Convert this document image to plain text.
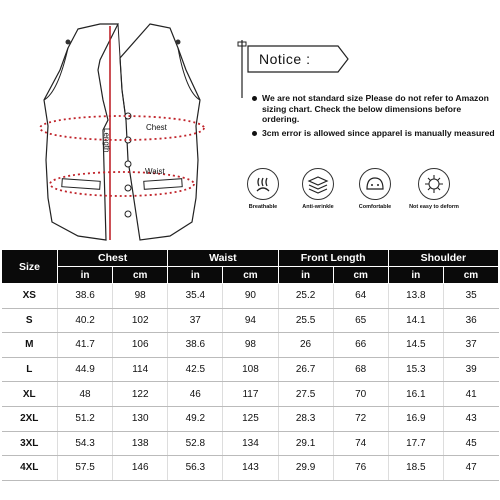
Chest
Waist
Length
Notice :
We are not standard size Please do not refer to Amazon sizing chart. Check the below dimensions before ordering.
3cm error is allowed since apparel is manually measured
Breathable	Anti-wrinkle	Comfortable	Not easy to deform
Size	Chest		Waist		Front Length		Shoulder	
	in	cm	in	cm	in	cm	in	cm
XS	38.6	98	35.4	90	25.2	64	13.8	35
S	40.2	102	37	94	25.5	65	14.1	36
M	41.7	106	38.6	98	26	66	14.5	37
L	44.9	114	42.5	108	26.7	68	15.3	39
XL	48	122	46	117	27.5	70	16.1	41
2XL	51.2	130	49.2	125	28.3	72	16.9	43
3XL	54.3	138	52.8	134	29.1	74	17.7	45
4XL	57.5	146	56.3	143	29.9	76	18.5	47
